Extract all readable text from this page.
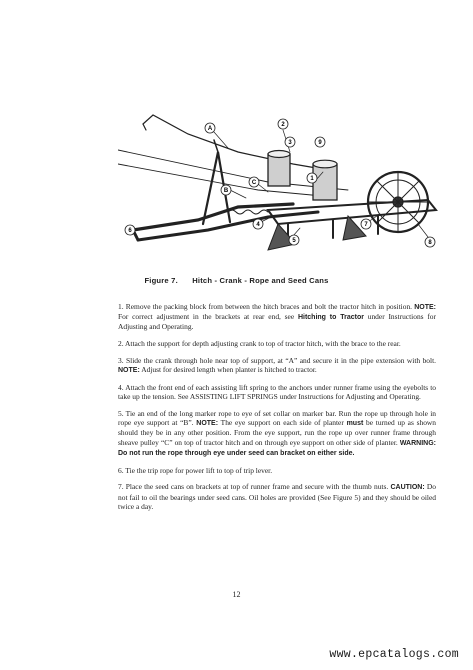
A
B
C
1
2
3
4
5
6
7
8
9
Figure 7. Hitch - Crank - Rope and Seed Cans

1. Remove the packing block from between the hitch braces and bolt the tractor hitch in position. NOTE: For correct adjustment in the brackets at rear end, see Hitching to Tractor under Instructions for Adjusting and Operating.

2. Attach the support for depth adjusting crank to top of tractor hitch, with the brace to the rear.

3. Slide the crank through hole near top of support, at “A” and secure it in the pipe extension with bolt. NOTE: Adjust for desired length when planter is hitched to tractor.

4. Attach the front end of each assisting lift spring to the anchors under runner frame using the eyebolts to take up the tension. See ASSISTING LIFT SPRINGS under Instructions for Adjusting and Operating.

5. Tie an end of the long marker rope to eye of set collar on marker bar. Run the rope up through hole in rope eye support at “B”. NOTE: The eye support on each side of planter must be turned up as shown should they be in any other position. From the eye support, run the rope up over runner frame through sheave pulley “C” on top of tractor hitch and on through eye support on other side of planter. WARNING: Do not run the rope through eye under seed can bracket on either side.

6. Tie the trip rope for power lift to top of trip lever.

7. Place the seed cans on brackets at top of runner frame and secure with the thumb nuts. CAUTION: Do not fail to oil the bearings under seed cans. Oil holes are provided (See Figure 5) and they should be oiled twice a day.

12
www.epcatalogs.com
